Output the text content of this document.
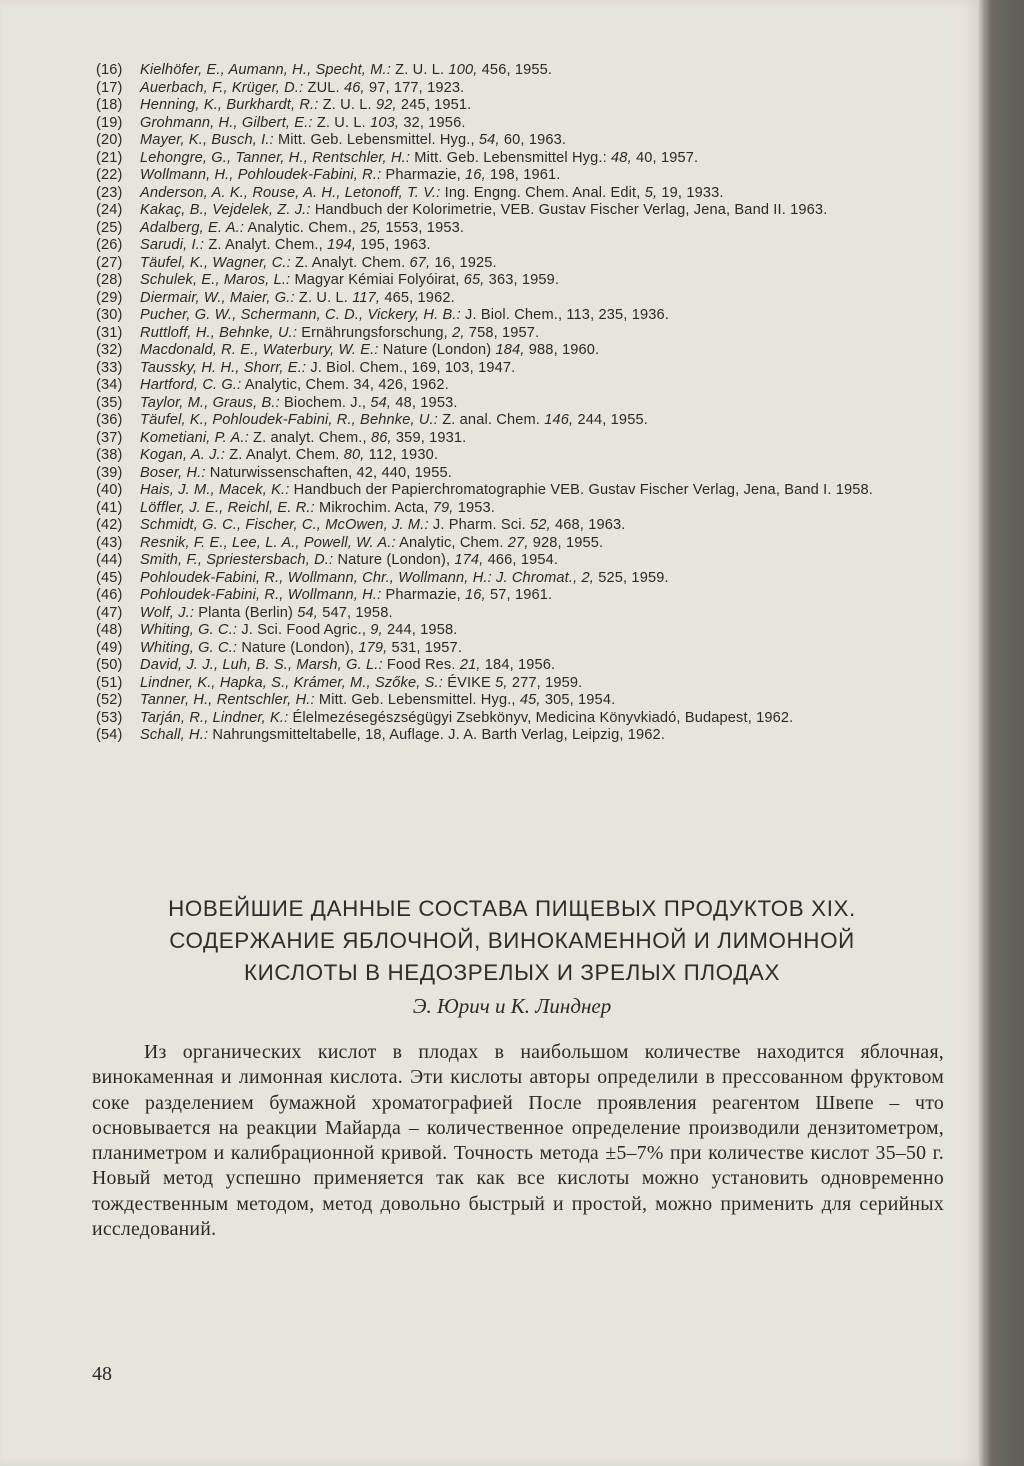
(16)	Kielhöfer, E., Aumann, H., Specht, M.: Z. U. L. 100, 456, 1955.
(17)	Auerbach, F., Krüger, D.: ZUL. 46, 97, 177, 1923.
(18)	Henning, K., Burkhardt, R.: Z. U. L. 92, 245, 1951.
(19)	Grohmann, H., Gilbert, E.: Z. U. L. 103, 32, 1956.
(20)	Mayer, K., Busch, I.: Mitt. Geb. Lebensmittel. Hyg., 54, 60, 1963.
(21)	Lehongre, G., Tanner, H., Rentschler, H.: Mitt. Geb. Lebensmittel Hyg.: 48, 40, 1957.
(22)	Wollmann, H., Pohloudek-Fabini, R.: Pharmazie, 16, 198, 1961.
(23)	Anderson, A. K., Rouse, A. H., Letonoff, T. V.: Ing. Engng. Chem. Anal. Edit, 5, 19, 1933.
(24)	Kakaç, B., Vejdelek, Z. J.: Handbuch der Kolorimetrie, VEB. Gustav Fischer Verlag, Jena, Band II. 1963.
(25)	Adalberg, E. A.: Analytic. Chem., 25, 1553, 1953.
(26)	Sarudi, I.: Z. Analyt. Chem., 194, 195, 1963.
(27)	Täufel, K., Wagner, C.: Z. Analyt. Chem. 67, 16, 1925.
(28)	Schulek, E., Maros, L.: Magyar Kémiai Folyóirat, 65, 363, 1959.
(29)	Diermair, W., Maier, G.: Z. U. L. 117, 465, 1962.
(30)	Pucher, G. W., Schermann, C. D., Vickery, H. B.: J. Biol. Chem., 113, 235, 1936.
(31)	Ruttloff, H., Behnke, U.: Ernährungsforschung, 2, 758, 1957.
(32)	Macdonald, R. E., Waterbury, W. E.: Nature (London) 184, 988, 1960.
(33)	Taussky, H. H., Shorr, E.: J. Biol. Chem., 169, 103, 1947.
(34)	Hartford, C. G.: Analytic, Chem. 34, 426, 1962.
(35)	Taylor, M., Graus, B.: Biochem. J., 54, 48, 1953.
(36)	Täufel, K., Pohloudek-Fabini, R., Behnke, U.: Z. anal. Chem. 146, 244, 1955.
(37)	Kometiani, P. A.: Z. analyt. Chem., 86, 359, 1931.
(38)	Kogan, A. J.: Z. Analyt. Chem. 80, 112, 1930.
(39)	Boser, H.: Naturwissenschaften, 42, 440, 1955.
(40)	Hais, J. M., Macek, K.: Handbuch der Papierchromatographie VEB. Gustav Fischer Verlag, Jena, Band I. 1958.
(41)	Löffler, J. E., Reichl, E. R.: Mikrochim. Acta, 79, 1953.
(42)	Schmidt, G. C., Fischer, C., McOwen, J. M.: J. Pharm. Sci. 52, 468, 1963.
(43)	Resnik, F. E., Lee, L. A., Powell, W. A.: Analytic, Chem. 27, 928, 1955.
(44)	Smith, F., Spriestersbach, D.: Nature (London), 174, 466, 1954.
(45)	Pohloudek-Fabini, R., Wollmann, Chr., Wollmann, H.: J. Chromat., 2, 525, 1959.
(46)	Pohloudek-Fabini, R., Wollmann, H.: Pharmazie, 16, 57, 1961.
(47)	Wolf, J.: Planta (Berlin) 54, 547, 1958.
(48)	Whiting, G. C.: J. Sci. Food Agric., 9, 244, 1958.
(49)	Whiting, G. C.: Nature (London), 179, 531, 1957.
(50)	David, J. J., Luh, B. S., Marsh, G. L.: Food Res. 21, 184, 1956.
(51)	Lindner, K., Hapka, S., Krámer, M., Szőke, S.: ÉVIKE 5, 277, 1959.
(52)	Tanner, H., Rentschler, H.: Mitt. Geb. Lebensmittel. Hyg., 45, 305, 1954.
(53)	Tarján, R., Lindner, K.: Élelmezésegészségügyi Zsebkönyv, Medicina Könyvkiadó, Budapest, 1962.
(54)	Schall, H.: Nahrungsmitteltabelle, 18, Auflage. J. A. Barth Verlag, Leipzig, 1962.
НОВЕЙШИЕ ДАННЫЕ СОСТАВА ПИЩЕВЫХ ПРОДУКТОВ XIX.
СОДЕРЖАНИЕ ЯБЛОЧНОЙ, ВИНОКАМЕННОЙ И ЛИМОННОЙ
КИСЛОТЫ В НЕДОЗРЕЛЫХ И ЗРЕЛЫХ ПЛОДАХ
Э. Юрич и К. Линднер
Из органических кислот в плодах в наибольшом количестве находится яблочная, винокаменная и лимонная кислота. Эти кислоты авторы определили в прессованном фруктовом соке разделением бумажной хроматографией После проявления реагентом Швепе – что основывается на реакции Майарда – количественное определение производили дензитометром, планиметром и калибрационной кривой. Точность метода ±5–7% при количестве кислот 35–50 г. Новый метод успешно применяется так как все кислоты можно установить одновременно тождественным методом, метод довольно быстрый и простой, можно применить для серийных исследований.
48
